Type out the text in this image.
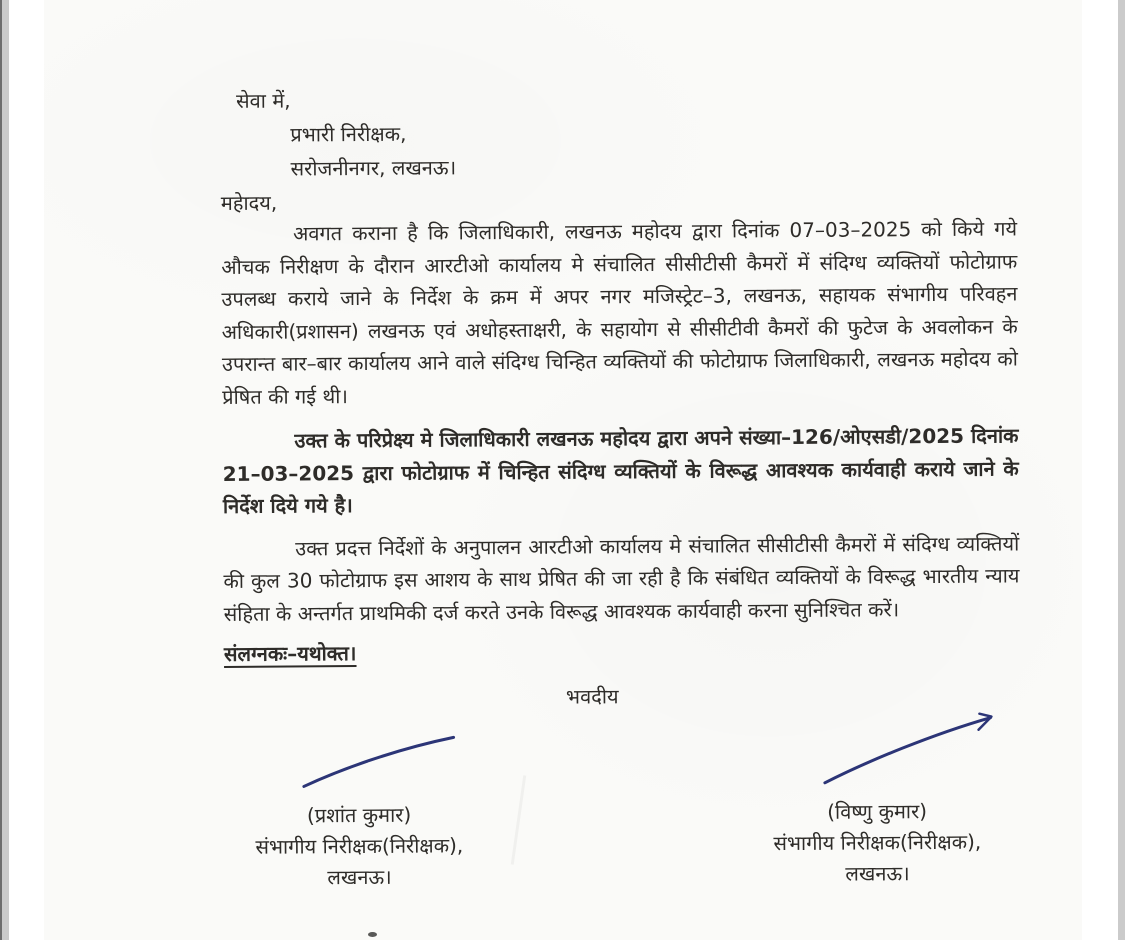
सेवा में,
प्रभारी निरीक्षक,
सरोजनीनगर, लखनऊ।
महेादय,

अवगत कराना है कि जिलाधिकारी, लखनऊ महोदय द्वारा दिनांक 07–03–2025 को किये गये औचक निरीक्षण के दौरान आरटीओ कार्यालय मे संचालित सीसीटीसी कैमरों में संदिग्ध व्यक्तियों फोटोग्राफ उपलब्ध कराये जाने के निर्देश के क्रम में अपर नगर मजिस्ट्रेट–3, लखनऊ, सहायक संभागीय परिवहन अधिकारी(प्रशासन) लखनऊ एवं अधोहस्ताक्षरी, के सहायोग से सीसीटीवी कैमरों की फुटेज के अवलोकन के उपरान्त बार–बार कार्यालय आने वाले संदिग्ध चिन्हित व्यक्तियों की फोटोग्राफ जिलाधिकारी, लखनऊ महोदय को प्रेषित की गई थी।

उक्त के परिप्रेक्ष्य मे जिलाधिकारी लखनऊ महोदय द्वारा अपने संख्या–126/ओएसडी/2025 दिनांक 21–03–2025 द्वारा फोटोग्राफ में चिन्हित संदिग्ध व्यक्तियों के विरूद्ध आवश्यक कार्यवाही कराये जाने के निर्देश दिये गये है।

उक्त प्रदत्त निर्देशों के अनुपालन आरटीओ कार्यालय मे संचालित सीसीटीसी कैमरों में संदिग्ध व्यक्तियों की कुल 30 फोटोग्राफ इस आशय के साथ प्रेषित की जा रही है कि संबंधित व्यक्तियों के विरूद्ध भारतीय न्याय संहिता के अन्तर्गत प्राथमिकी दर्ज करते उनके विरूद्ध आवश्यक कार्यवाही करना सुनिश्चित करें।

संलग्नकः–यथोक्त।
भवदीय
(प्रशांत कुमार)
संभागीय निरीक्षक(निरीक्षक),
लखनऊ।
(विष्णु कुमार)
संभागीय निरीक्षक(निरीक्षक),
लखनऊ।
